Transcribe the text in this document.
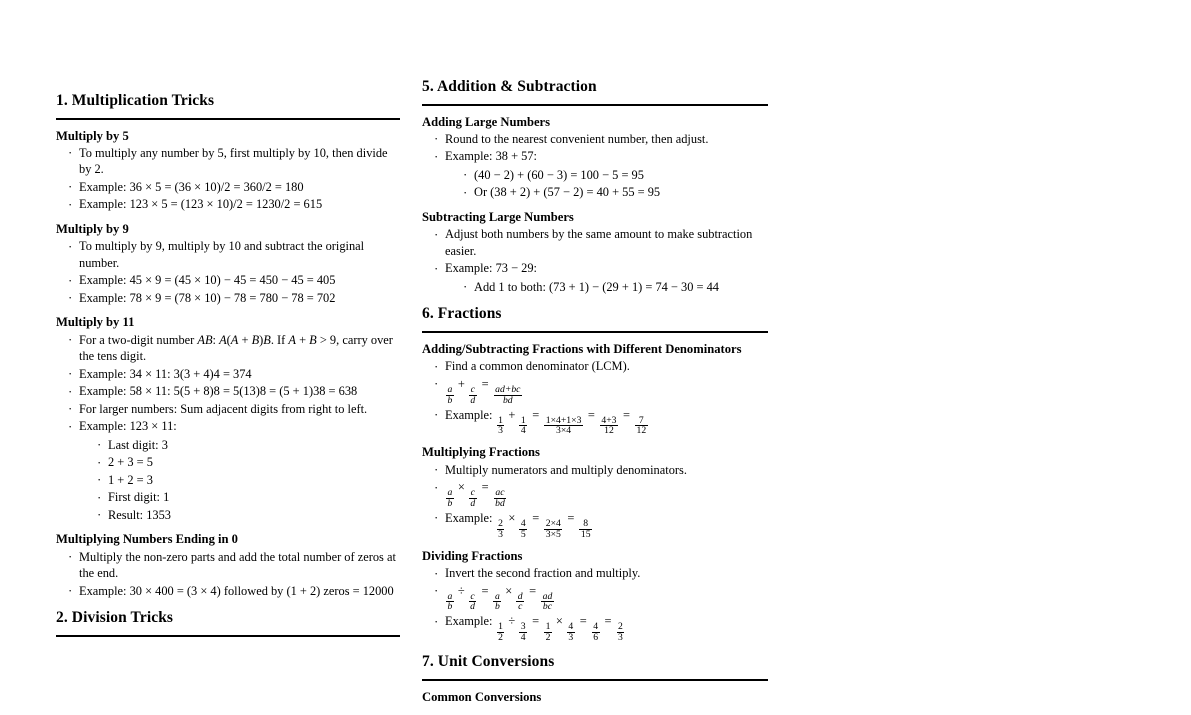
1. Multiplication Tricks
Multiply by 5
· To multiply any number by 5, first multiply by 10, then divide by 2.
· Example: 36 × 5 = (36 × 10)/2 = 360/2 = 180
· Example: 123 × 5 = (123 × 10)/2 = 1230/2 = 615
Multiply by 9
· To multiply by 9, multiply by 10 and subtract the original number.
· Example: 45 × 9 = (45 × 10) − 45 = 450 − 45 = 405
· Example: 78 × 9 = (78 × 10) − 78 = 780 − 78 = 702
Multiply by 11
· For a two-digit number AB: A(A + B)B. If A + B > 9, carry over the tens digit.
· Example: 34 × 11: 3(3 + 4)4 = 374
· Example: 58 × 11: 5(5 + 8)8 = 5(13)8 = (5 + 1)38 = 638
· For larger numbers: Sum adjacent digits from right to left.
· Example: 123 × 11:
· Last digit: 3
· 2 + 3 = 5
· 1 + 2 = 3
· First digit: 1
· Result: 1353
Multiplying Numbers Ending in 0
· Multiply the non-zero parts and add the total number of zeros at the end.
· Example: 30 × 400 = (3 × 4) followed by (1 + 2) zeros = 12000
2. Division Tricks
5. Addition & Subtraction
Adding Large Numbers
· Round to the nearest convenient number, then adjust.
· Example: 38 + 57:
· (40 − 2) + (60 − 3) = 100 − 5 = 95
· Or (38 + 2) + (57 − 2) = 40 + 55 = 95
Subtracting Large Numbers
· Adjust both numbers by the same amount to make subtraction easier.
· Example: 73 − 29:
· Add 1 to both: (73 + 1) − (29 + 1) = 74 − 30 = 44
6. Fractions
Adding/Subtracting Fractions with Different Denominators
· Find a common denominator (LCM).
· $\frac{a}{b}$
+
$\frac{c}{d}$
=
$\frac{ad+bc}{bd}$
· Example:
$\frac{1}{3}$
+
$\frac{1}{4}$
=
$\frac{1\times 4+1\times 3}{3\times 4}$
=
$\frac{4+3}{12}$
=
$\frac{7}{12}$
Multiplying Fractions
· Multiply numerators and multiply denominators.
· $\frac{a}{b}$
×
$\frac{c}{d}$
=
$\frac{ac}{bd}$
· Example:
$\frac{2}{3}$
×
$\frac{4}{5}$
=
$\frac{2\times 4}{3\times 5}$
=
$\frac{8}{15}$
Dividing Fractions
· Invert the second fraction and multiply.
· $\frac{a}{b}$
÷
$\frac{c}{d}$
=
$\frac{a}{b}$
×
$\frac{d}{c}$
=
$\frac{ad}{bc}$
· Example:
$\frac{1}{2}$
÷
$\frac{3}{4}$
=
$\frac{1}{2}$
×
$\frac{4}{3}$
=
$\frac{4}{6}$
=
$\frac{2}{3}$
7. Unit Conversions
Common Conversions
